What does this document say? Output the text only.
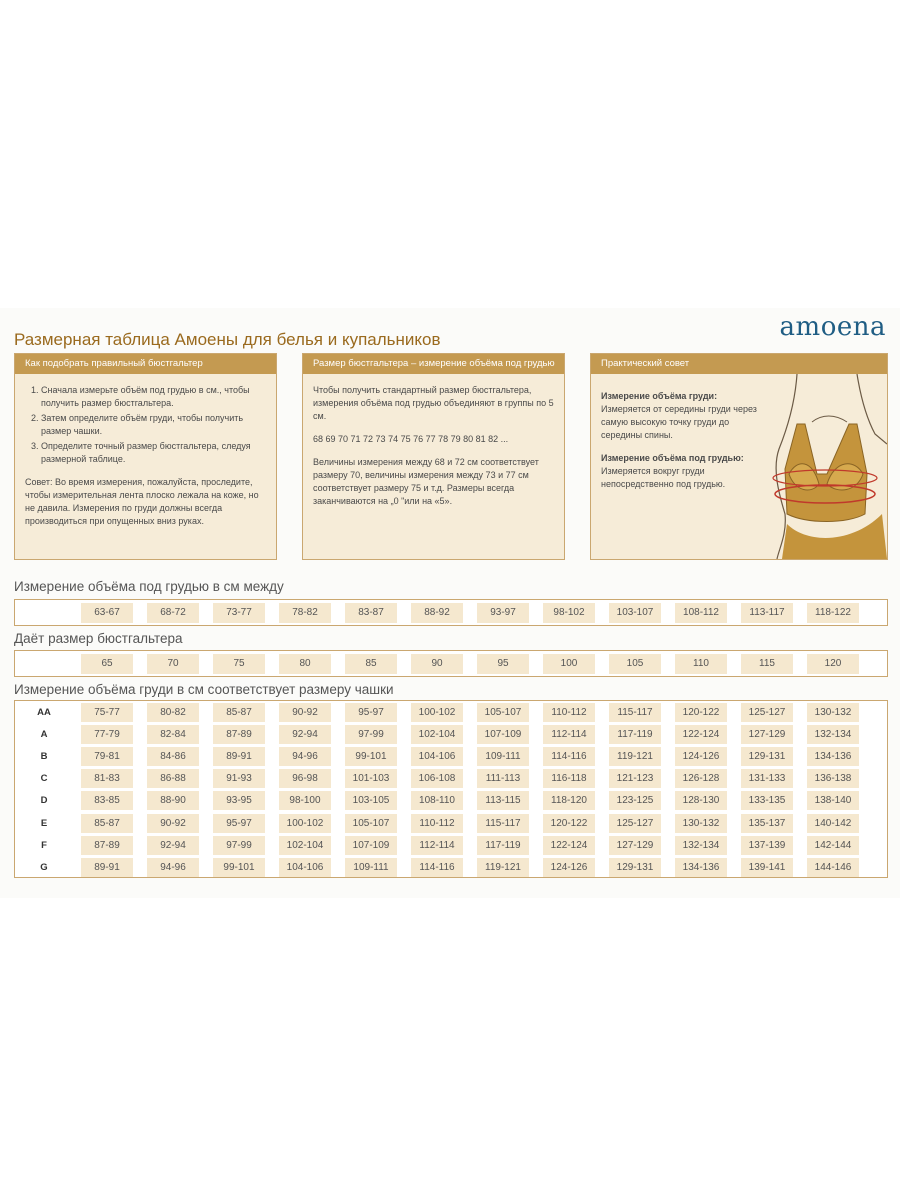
Размерная таблица Амоены для белья и купальников	amoena
Как подобрать правильный бюстгальтер
1. Сначала измерьте объём под грудью в см., чтобы получить размер бюстгальтера.
2. Затем определите объём груди, чтобы получить размер чашки.
3. Определите точный размер бюстгальтера, следуя размерной таблице.

Совет: Во время измерения, пожалуйста, проследите, чтобы измерительная лента плоско лежала на коже, но не давила. Измерения по груди должны всегда производиться при опущенных вниз руках.

Размер бюстгальтера – измерение объёма под грудью

Чтобы получить стандартный размер бюстгальтера, измерения объёма под грудью объединяют в группы по 5 см.

68 69 70 71 72 73 74 75 76 77 78 79 80 81 82 ...

Величины измерения между 68 и 72 см соответствует размеру 70, величины измерения между 73 и 77 см соответствует размеру 75 и т.д. Размеры всегда заканчиваются на „0 "или на «5».

Практический совет

Измерение объёма груди:

Измеряется от середины груди через самую высокую точку груди до середины спины.

Измерение объёма под грудью:

Измеряется вокруг груди непосредственно под грудью.

Измерение объёма под грудью в см между
63-67	68-72	73-77	78-82	83-87	88-92	93-97	98-102	103-107	108-112	113-117	118-122
Даёт размер бюстгальтера
65	70	75	80	85	90	95	100	105	110	115	120
Измерение объёма груди в см соответствует размеру чашки
AA	75-77	80-82	85-87	90-92	95-97	100-102	105-107	110-112	115-117	120-122	125-127	130-132
A	77-79	82-84	87-89	92-94	97-99	102-104	107-109	112-114	117-119	122-124	127-129	132-134
B	79-81	84-86	89-91	94-96	99-101	104-106	109-111	114-116	119-121	124-126	129-131	134-136
C	81-83	86-88	91-93	96-98	101-103	106-108	111-113	116-118	121-123	126-128	131-133	136-138
D	83-85	88-90	93-95	98-100	103-105	108-110	113-115	118-120	123-125	128-130	133-135	138-140
E	85-87	90-92	95-97	100-102	105-107	110-112	115-117	120-122	125-127	130-132	135-137	140-142
F	87-89	92-94	97-99	102-104	107-109	112-114	117-119	122-124	127-129	132-134	137-139	142-144
G	89-91	94-96	99-101	104-106	109-111	114-116	119-121	124-126	129-131	134-136	139-141	144-146
